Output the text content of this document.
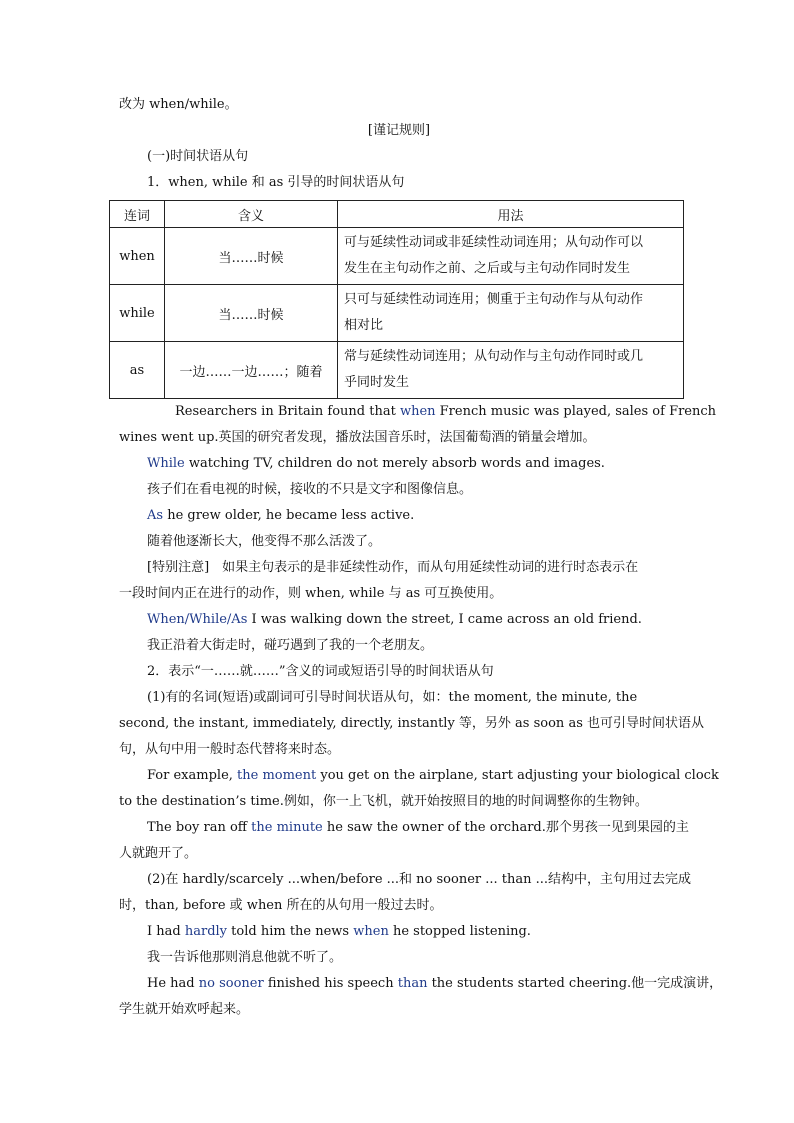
改为 when/while。
[谨记规则]
(一)时间状语从句
1．when, while 和 as 引导的时间状语从句
连词	含义	用法
when	当……时候	可与延续性动词或非延续性动词连用；从句动作可以
发生在主句动作之前、之后或与主句动作同时发生
while	当……时候	只可与延续性动词连用；侧重于主句动作与从句动作
相对比
as	一边……一边……；随着	常与延续性动词连用；从句动作与主句动作同时或几
乎同时发生
Researchers in Britain found that when French music was played, sales of French
wines went up.英国的研究者发现，播放法国音乐时，法国葡萄酒的销量会增加。
While watching TV, children do not merely absorb words and images.
孩子们在看电视的时候，接收的不只是文字和图像信息。
As he grew older, he became less active.
随着他逐渐长大，他变得不那么活泼了。
[特别注意]　如果主句表示的是非延续性动作，而从句用延续性动词的进行时态表示在
一段时间内正在进行的动作，则 when, while 与 as 可互换使用。
When/While/As I was walking down the street, I came across an old friend.
我正沿着大街走时，碰巧遇到了我的一个老朋友。
2．表示“一……就……”含义的词或短语引导的时间状语从句
(1)有的名词(短语)或副词可引导时间状语从句，如：the moment, the minute, the
second, the instant, immediately, directly, instantly 等，另外 as soon as 也可引导时间状语从
句，从句中用一般时态代替将来时态。
For example, the moment you get on the airplane, start adjusting your biological clock
to the destination’s time.例如，你一上飞机，就开始按照目的地的时间调整你的生物钟。
The boy ran off the minute he saw the owner of the orchard.那个男孩一见到果园的主
人就跑开了。
(2)在 hardly/scarcely ...when/before ...和 no sooner ... than ...结构中，主句用过去完成
时，than, before 或 when 所在的从句用一般过去时。
I had hardly told him the news when he stopped listening.
我一告诉他那则消息他就不听了。
He had no sooner finished his speech than the students started cheering.他一完成演讲，
学生就开始欢呼起来。
